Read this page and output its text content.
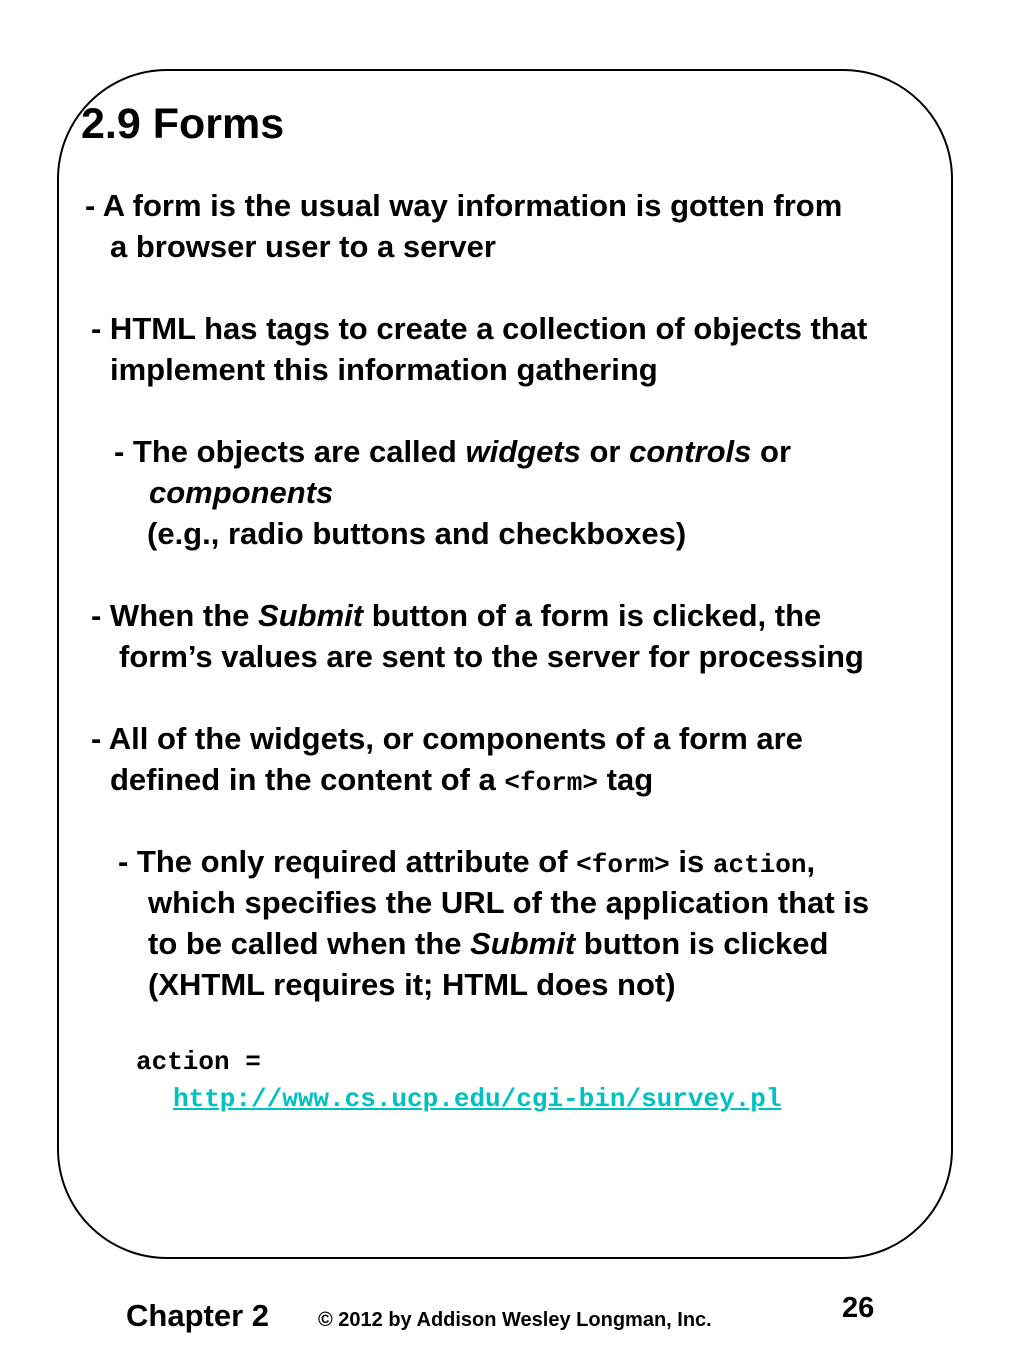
2.9 Forms
- A form is the usual way information is gotten from
a browser user to a server
- HTML has tags to create a collection of objects that
implement this information gathering
- The objects are called widgets or controls or
components
(e.g., radio buttons and checkboxes)
- When the Submit button of a form is clicked, the
form’s values are sent to the server for processing
- All of the widgets, or components of a form are
defined in the content of a <form> tag
- The only required attribute of <form> is action,
which specifies the URL of the application that is
to be called when the Submit button is clicked
(XHTML requires it; HTML does not)
action =
http://www.cs.ucp.edu/cgi-bin/survey.pl
Chapter 2 © 2012 by Addison Wesley Longman, Inc.	26
